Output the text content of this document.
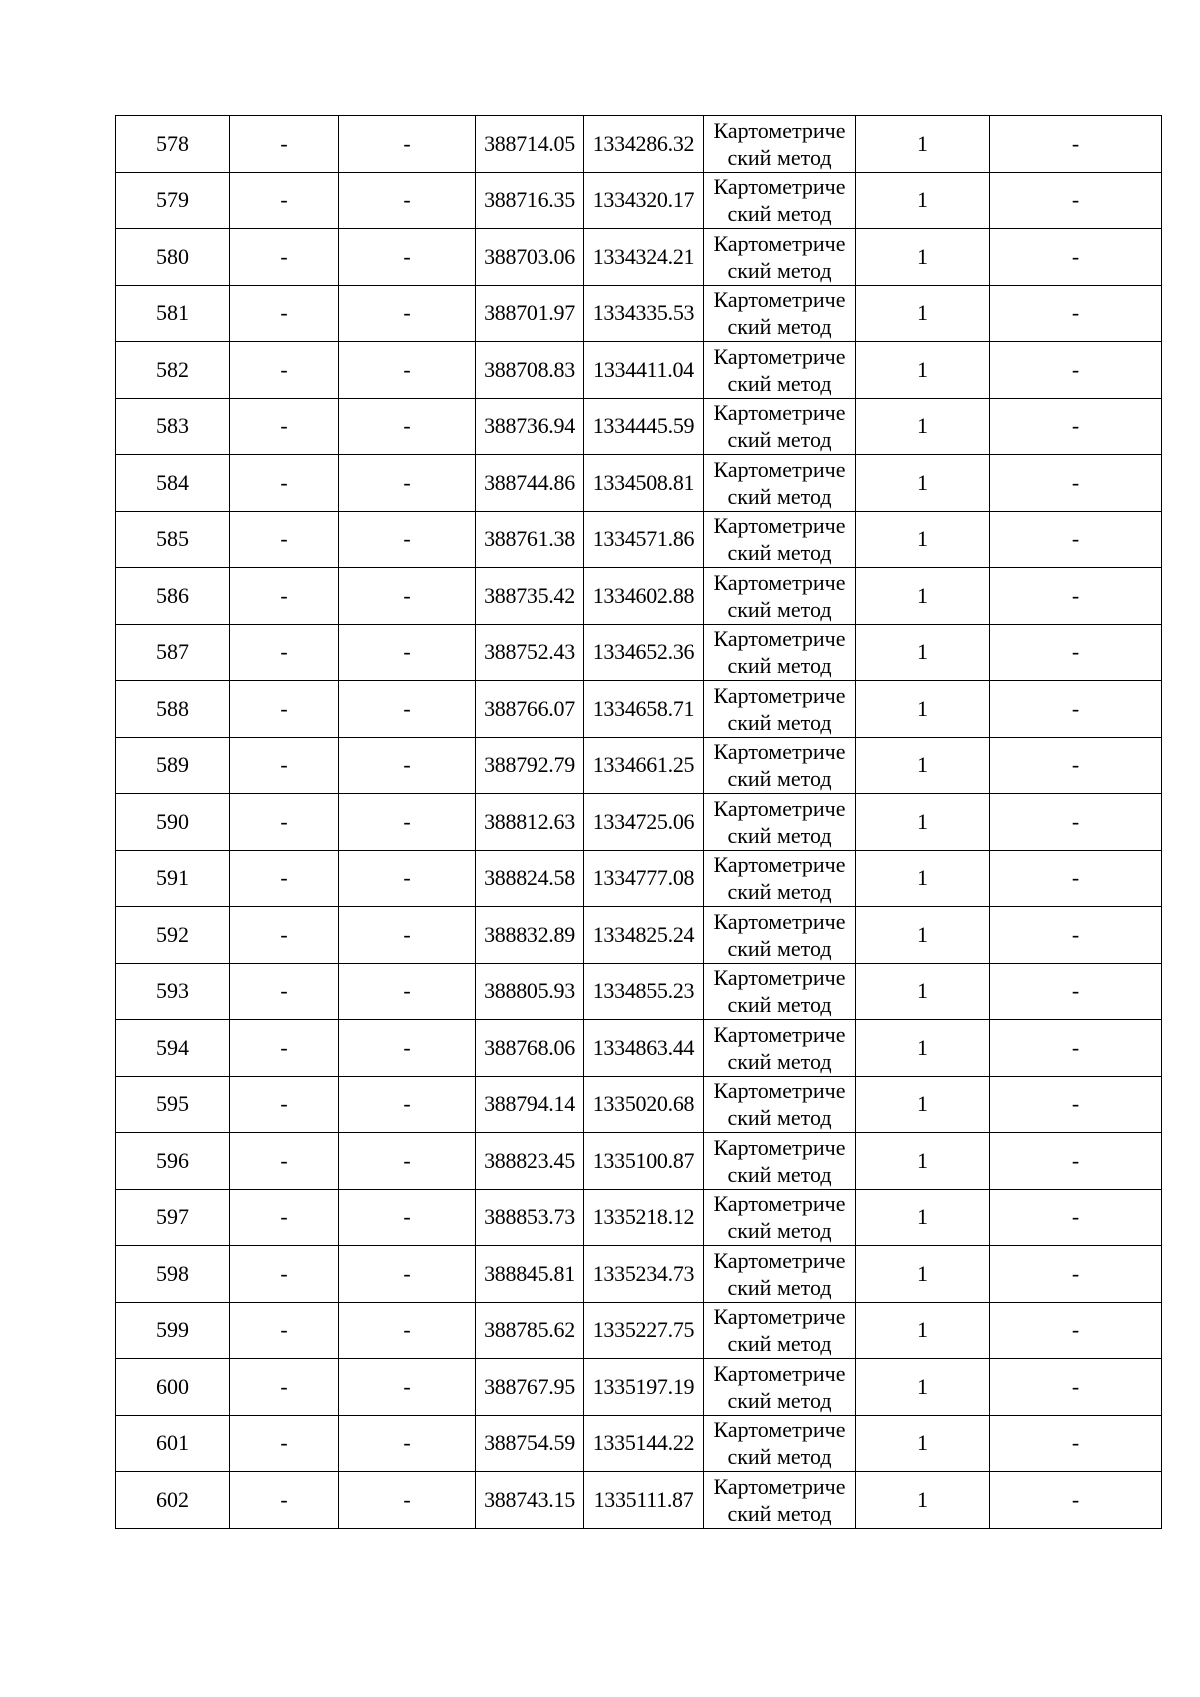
578	-	-	388714.05	1334286.32	Картометриче
ский метод	1	-
579	-	-	388716.35	1334320.17	Картометриче
ский метод	1	-
580	-	-	388703.06	1334324.21	Картометриче
ский метод	1	-
581	-	-	388701.97	1334335.53	Картометриче
ский метод	1	-
582	-	-	388708.83	1334411.04	Картометриче
ский метод	1	-
583	-	-	388736.94	1334445.59	Картометриче
ский метод	1	-
584	-	-	388744.86	1334508.81	Картометриче
ский метод	1	-
585	-	-	388761.38	1334571.86	Картометриче
ский метод	1	-
586	-	-	388735.42	1334602.88	Картометриче
ский метод	1	-
587	-	-	388752.43	1334652.36	Картометриче
ский метод	1	-
588	-	-	388766.07	1334658.71	Картометриче
ский метод	1	-
589	-	-	388792.79	1334661.25	Картометриче
ский метод	1	-
590	-	-	388812.63	1334725.06	Картометриче
ский метод	1	-
591	-	-	388824.58	1334777.08	Картометриче
ский метод	1	-
592	-	-	388832.89	1334825.24	Картометриче
ский метод	1	-
593	-	-	388805.93	1334855.23	Картометриче
ский метод	1	-
594	-	-	388768.06	1334863.44	Картометриче
ский метод	1	-
595	-	-	388794.14	1335020.68	Картометриче
ский метод	1	-
596	-	-	388823.45	1335100.87	Картометриче
ский метод	1	-
597	-	-	388853.73	1335218.12	Картометриче
ский метод	1	-
598	-	-	388845.81	1335234.73	Картометриче
ский метод	1	-
599	-	-	388785.62	1335227.75	Картометриче
ский метод	1	-
600	-	-	388767.95	1335197.19	Картометриче
ский метод	1	-
601	-	-	388754.59	1335144.22	Картометриче
ский метод	1	-
602	-	-	388743.15	1335111.87	Картометриче
ский метод	1	-
